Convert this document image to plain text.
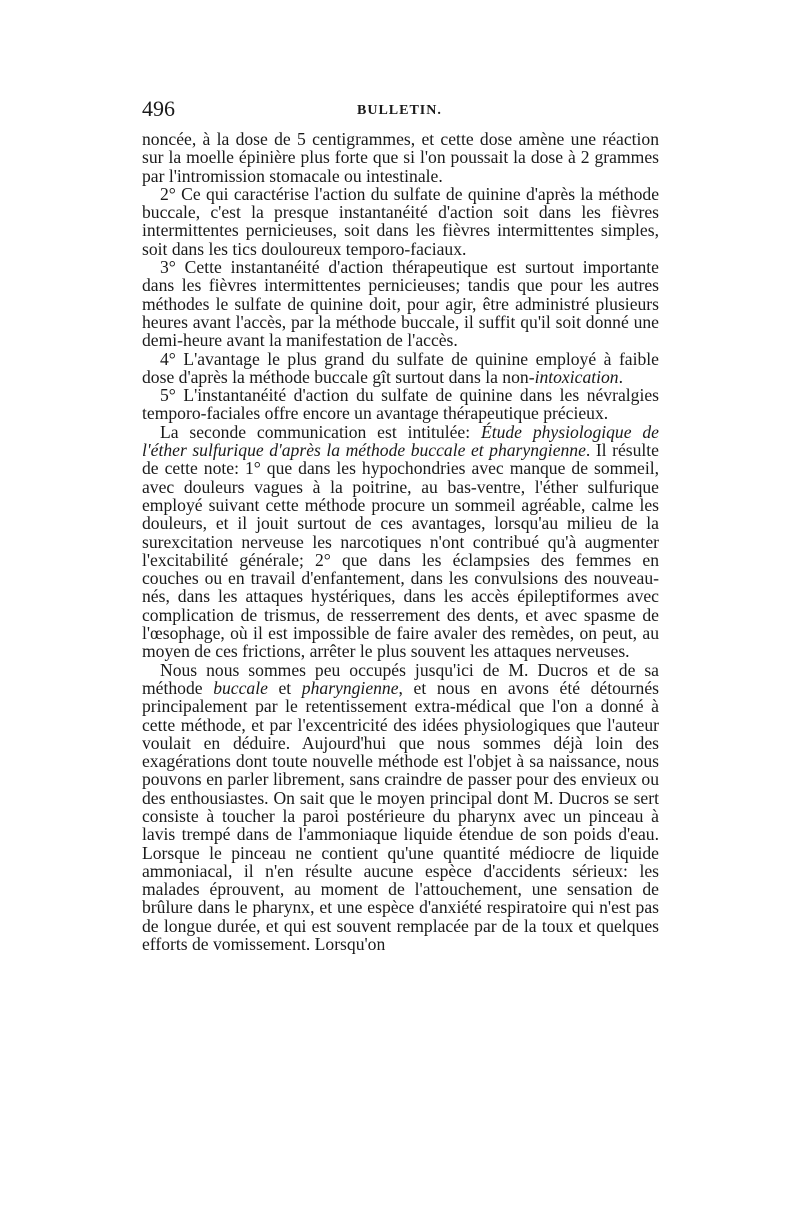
496	BULLETIN.

noncée, à la dose de 5 centigrammes, et cette dose amène une réaction sur la moelle épinière plus forte que si l'on poussait la dose à 2 grammes par l'intromission stomacale ou intestinale.

2° Ce qui caractérise l'action du sulfate de quinine d'après la méthode buccale, c'est la presque instantanéité d'action soit dans les fièvres intermittentes pernicieuses, soit dans les fièvres intermittentes simples, soit dans les tics douloureux temporo-faciaux.

3° Cette instantanéité d'action thérapeutique est surtout importante dans les fièvres intermittentes pernicieuses; tandis que pour les autres méthodes le sulfate de quinine doit, pour agir, être administré plusieurs heures avant l'accès, par la méthode buccale, il suffit qu'il soit donné une demi-heure avant la manifestation de l'accès.

4° L'avantage le plus grand du sulfate de quinine employé à faible dose d'après la méthode buccale gît surtout dans la non-intoxication.

5° L'instantanéité d'action du sulfate de quinine dans les névralgies temporo-faciales offre encore un avantage thérapeutique précieux.

La seconde communication est intitulée: Étude physiologique de l'éther sulfurique d'après la méthode buccale et pharyngienne. Il résulte de cette note: 1° que dans les hypochondries avec manque de sommeil, avec douleurs vagues à la poitrine, au bas-ventre, l'éther sulfurique employé suivant cette méthode procure un sommeil agréable, calme les douleurs, et il jouit surtout de ces avantages, lorsqu'au milieu de la surexcitation nerveuse les narcotiques n'ont contribué qu'à augmenter l'excitabilité générale; 2° que dans les éclampsies des femmes en couches ou en travail d'enfantement, dans les convulsions des nouveau-nés, dans les attaques hystériques, dans les accès épileptiformes avec complication de trismus, de resserrement des dents, et avec spasme de l'œsophage, où il est impossible de faire avaler des remèdes, on peut, au moyen de ces frictions, arrêter le plus souvent les attaques nerveuses.

Nous nous sommes peu occupés jusqu'ici de M. Ducros et de sa méthode buccale et pharyngienne, et nous en avons été détournés principalement par le retentissement extra-médical que l'on a donné à cette méthode, et par l'excentricité des idées physiologiques que l'auteur voulait en déduire. Aujourd'hui que nous sommes déjà loin des exagérations dont toute nouvelle méthode est l'objet à sa naissance, nous pouvons en parler librement, sans craindre de passer pour des envieux ou des enthousiastes. On sait que le moyen principal dont M. Ducros se sert consiste à toucher la paroi postérieure du pharynx avec un pinceau à lavis trempé dans de l'ammoniaque liquide étendue de son poids d'eau. Lorsque le pinceau ne contient qu'une quantité médiocre de liquide ammoniacal, il n'en résulte aucune espèce d'accidents sérieux: les malades éprouvent, au moment de l'attouchement, une sensation de brûlure dans le pharynx, et une espèce d'anxiété respiratoire qui n'est pas de longue durée, et qui est souvent remplacée par de la toux et quelques efforts de vomissement. Lorsqu'on
